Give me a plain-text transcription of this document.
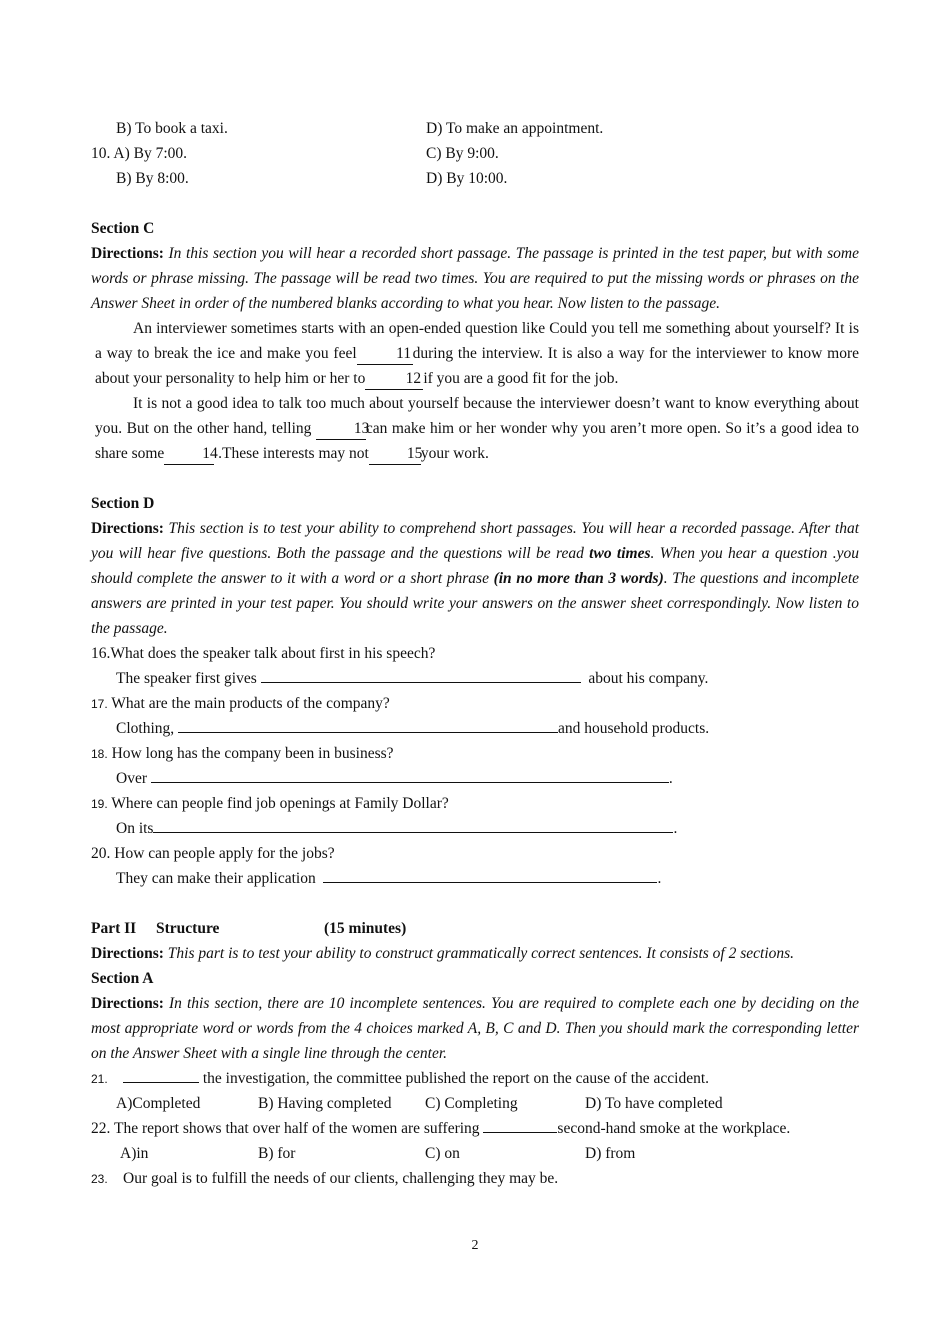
B) To book a taxi.	D) To make an appointment.
10. A) By 7:00.	C) By 9:00.
B) By 8:00.	D) By 10:00.
Section C
Directions: In this section you will hear a recorded short passage. The passage is printed in the test paper, but with some words or phrase missing. The passage will be read two times. You are required to put the missing words or phrases on the Answer Sheet in order of the numbered blanks according to what you hear. Now listen to the passage.
An interviewer sometimes starts with an open-ended question like Could you tell me something about yourself? It is a way to break the ice and make you feel	11during the interview. It is also a way for the interviewer to know more about your personality to help him or her to	12 if you are a good fit for the job.
It is not a good idea to talk too much about yourself because the interviewer doesn’t want to know everything about you. But on the other hand, telling	13can make him or her wonder why you aren’t more open. So it’s a good idea to share some 14 .These interests may not 15your work.
Section D
Directions: This section is to test your ability to comprehend short passages. You will hear a recorded passage. After that you will hear five questions. Both the passage and the questions will be read two times. When you hear a question .you should complete the answer to it with a word or a short phrase (in no more than 3 words). The questions and incomplete answers are printed in your test paper. You should write your answers on the answer sheet correspondingly. Now listen to the passage.
16.What does the speaker talk about first in his speech?
The speaker first gives	about his company.
17. What are the main products of the company?
Clothing,	and household products.
18. How long has the company been in business?
Over	.
19. Where can people find job openings at Family Dollar?
On its	.
20. How can people apply for the jobs?
They can make their application	.
Part II Structure	(15 minutes)
Directions: This part is to test your ability to construct grammatically correct sentences. It consists of 2 sections.
Section A
Directions: In this section, there are 10 incomplete sentences. You are required to complete each one by deciding on the most appropriate word or words from the 4 choices marked A, B, C and D. Then you should mark the corresponding letter on the Answer Sheet with a single line through the center.
21.	the investigation, the committee published the report on the cause of the accident.
A)Completed	B) Having completed C) Completing	D) To have completed
22. The report shows that over half of the women are suffering	second-hand smoke at the workplace.
A)in	B) for	C) on	D) from
23. Our goal is to fulfill the needs of our clients, challenging they may be.
2
